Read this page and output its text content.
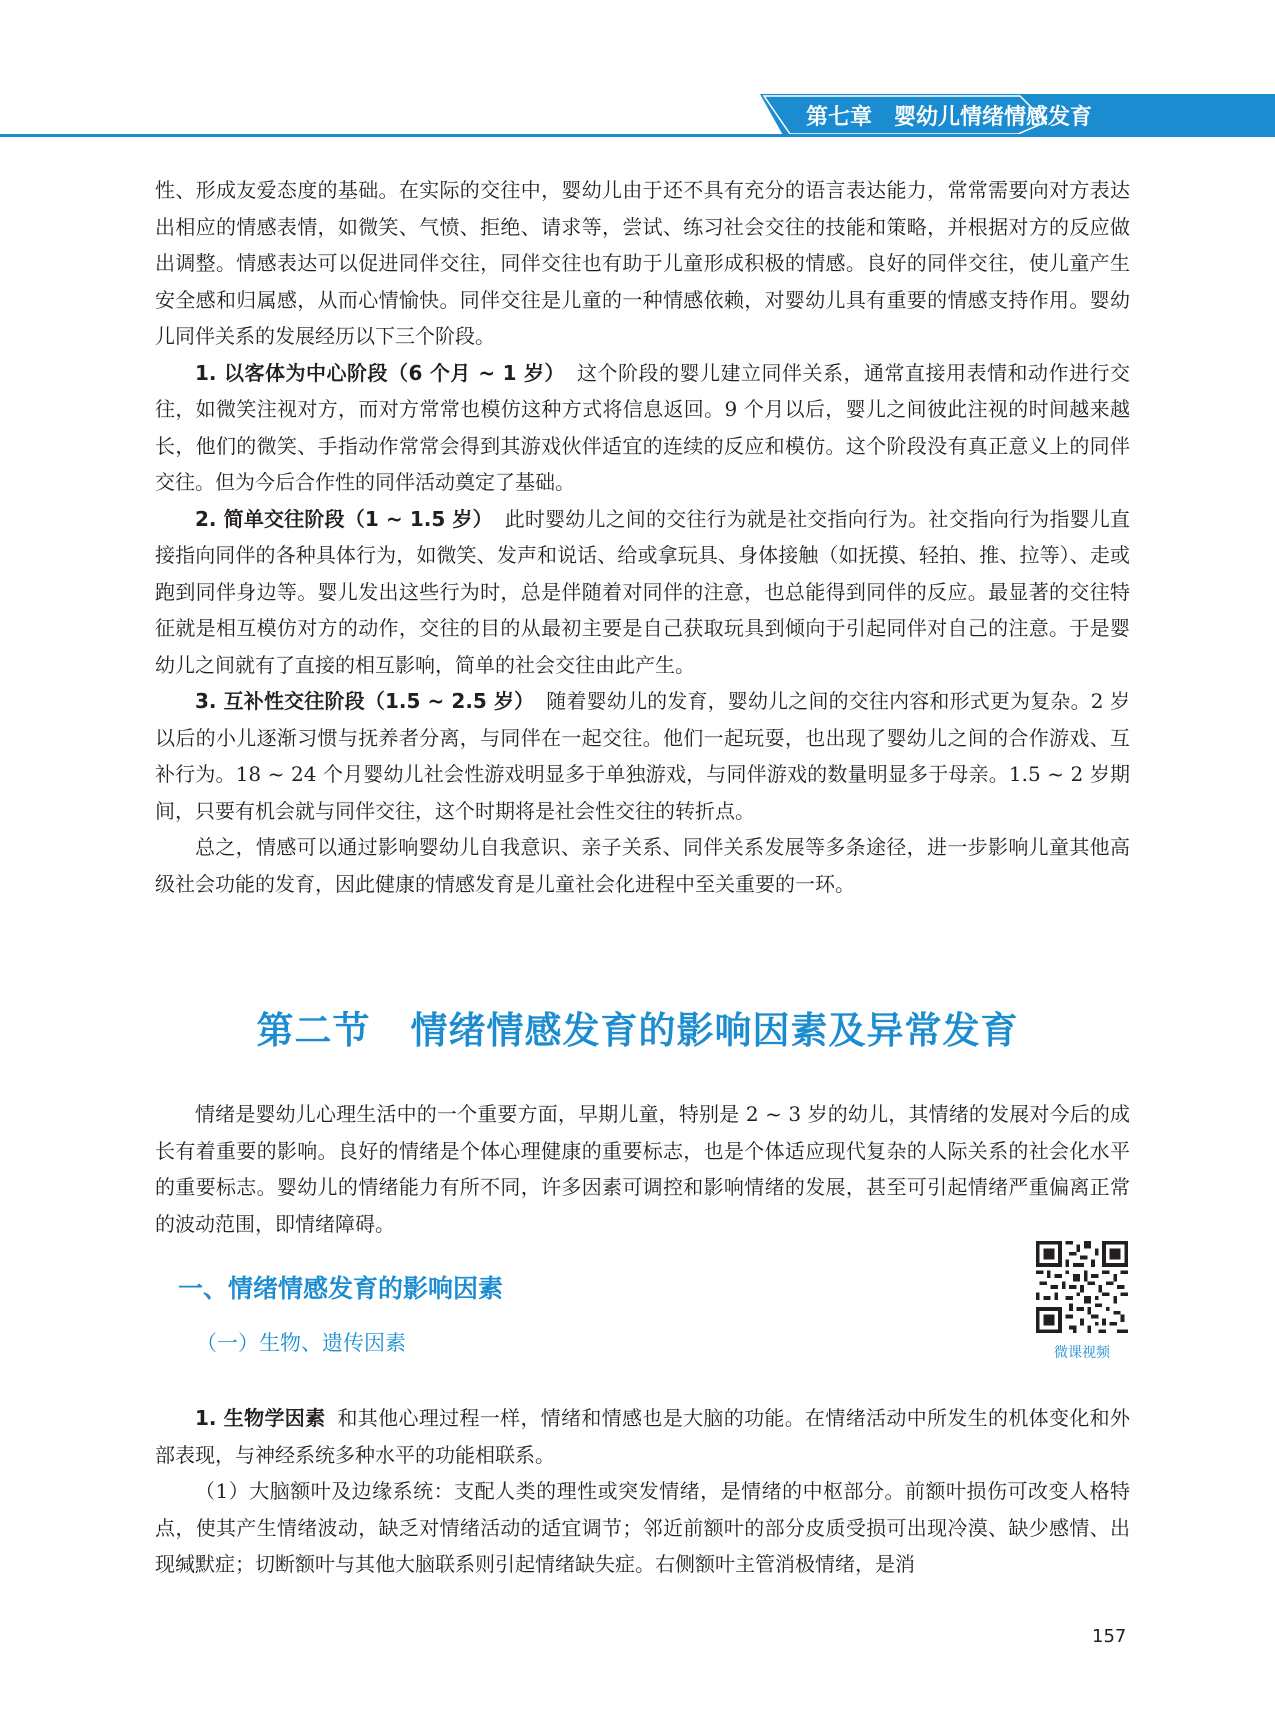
第七章 婴幼儿情绪情感发育

性、形成友爱态度的基础。在实际的交往中，婴幼儿由于还不具有充分的语言表达能力，常常需要向对方表达出相应的情感表情，如微笑、气愤、拒绝、请求等，尝试、练习社会交往的技能和策略，并根据对方的反应做出调整。情感表达可以促进同伴交往，同伴交往也有助于儿童形成积极的情感。良好的同伴交往，使儿童产生安全感和归属感，从而心情愉快。同伴交往是儿童的一种情感依赖，对婴幼儿具有重要的情感支持作用。婴幼儿同伴关系的发展经历以下三个阶段。

1. 以客体为中心阶段（6 个月 ~ 1 岁） 这个阶段的婴儿建立同伴关系，通常直接用表情和动作进行交往，如微笑注视对方，而对方常常也模仿这种方式将信息返回。9 个月以后，婴儿之间彼此注视的时间越来越长，他们的微笑、手指动作常常会得到其游戏伙伴适宜的连续的反应和模仿。这个阶段没有真正意义上的同伴交往。但为今后合作性的同伴活动奠定了基础。

2. 简单交往阶段（1 ~ 1.5 岁） 此时婴幼儿之间的交往行为就是社交指向行为。社交指向行为指婴儿直接指向同伴的各种具体行为，如微笑、发声和说话、给或拿玩具、身体接触（如抚摸、轻拍、推、拉等）、走或跑到同伴身边等。婴儿发出这些行为时，总是伴随着对同伴的注意，也总能得到同伴的反应。最显著的交往特征就是相互模仿对方的动作，交往的目的从最初主要是自己获取玩具到倾向于引起同伴对自己的注意。于是婴幼儿之间就有了直接的相互影响，简单的社会交往由此产生。

3. 互补性交往阶段（1.5 ~ 2.5 岁） 随着婴幼儿的发育，婴幼儿之间的交往内容和形式更为复杂。2 岁以后的小儿逐渐习惯与抚养者分离，与同伴在一起交往。他们一起玩耍，也出现了婴幼儿之间的合作游戏、互补行为。18 ~ 24 个月婴幼儿社会性游戏明显多于单独游戏，与同伴游戏的数量明显多于母亲。1.5 ~ 2 岁期间，只要有机会就与同伴交往，这个时期将是社会性交往的转折点。

总之，情感可以通过影响婴幼儿自我意识、亲子关系、同伴关系发展等多条途径，进一步影响儿童其他高级社会功能的发育，因此健康的情感发育是儿童社会化进程中至关重要的一环。

第二节 情绪情感发育的影响因素及异常发育

情绪是婴幼儿心理生活中的一个重要方面，早期儿童，特别是 2 ~ 3 岁的幼儿，其情绪的发展对今后的成长有着重要的影响。良好的情绪是个体心理健康的重要标志，也是个体适应现代复杂的人际关系的社会化水平的重要标志。婴幼儿的情绪能力有所不同，许多因素可调控和影响情绪的发展，甚至可引起情绪严重偏离正常的波动范围，即情绪障碍。

一、情绪情感发育的影响因素
（一）生物、遗传因素	微课视频

1. 生物学因素 和其他心理过程一样，情绪和情感也是大脑的功能。在情绪活动中所发生的机体变化和外部表现，与神经系统多种水平的功能相联系。

（1）大脑额叶及边缘系统：支配人类的理性或突发情绪，是情绪的中枢部分。前额叶损伤可改变人格特点，使其产生情绪波动，缺乏对情绪活动的适宜调节；邻近前额叶的部分皮质受损可出现冷漠、缺少感情、出现缄默症；切断额叶与其他大脑联系则引起情绪缺失症。右侧额叶主管消极情绪，是消

157
